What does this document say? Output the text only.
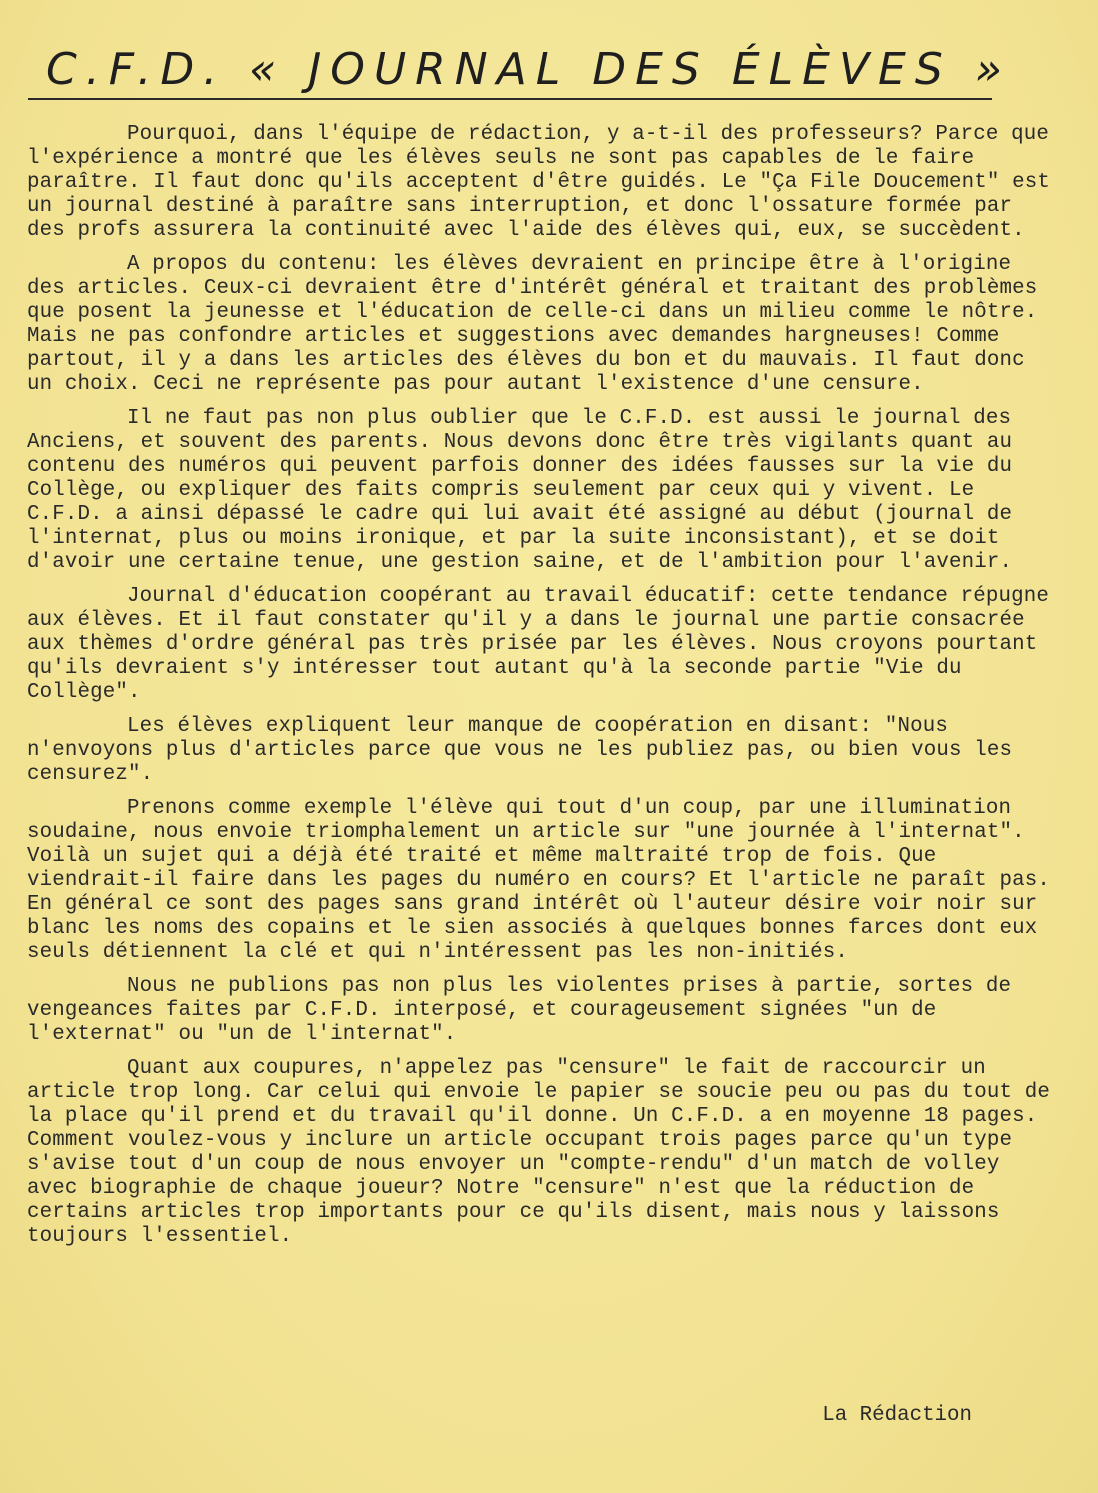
C.F.D. « JOURNAL DES ÉLÈVES »

Pourquoi, dans l'équipe de rédaction, y a-t-il des professeurs? Parce que l'expérience a montré que les élèves seuls ne sont pas capables de le faire paraître. Il faut donc qu'ils acceptent d'être guidés. Le "Ça File Doucement" est un journal destiné à paraître sans interruption, et donc l'ossature formée par des profs assurera la continuité avec l'aide des élèves qui, eux, se succèdent.

A propos du contenu: les élèves devraient en principe être à l'origine des articles. Ceux-ci devraient être d'intérêt général et traitant des problèmes que posent la jeunesse et l'éducation de celle-ci dans un milieu comme le nôtre. Mais ne pas confondre articles et suggestions avec demandes hargneuses! Comme partout, il y a dans les articles des élèves du bon et du mauvais. Il faut donc un choix. Ceci ne représente pas pour autant l'existence d'une censure.

Il ne faut pas non plus oublier que le C.F.D. est aussi le journal des Anciens, et souvent des parents. Nous devons donc être très vigilants quant au contenu des numéros qui peuvent parfois donner des idées fausses sur la vie du Collège, ou expliquer des faits compris seulement par ceux qui y vivent. Le C.F.D. a ainsi dépassé le cadre qui lui avait été assigné au début (journal de l'internat, plus ou moins ironique, et par la suite inconsistant), et se doit d'avoir une certaine tenue, une gestion saine, et de l'ambition pour l'avenir.

Journal d'éducation coopérant au travail éducatif: cette tendance répugne aux élèves. Et il faut constater qu'il y a dans le journal une partie consacrée aux thèmes d'ordre général pas très prisée par les élèves. Nous croyons pourtant qu'ils devraient s'y intéresser tout autant qu'à la seconde partie "Vie du Collège".

Les élèves expliquent leur manque de coopération en disant: "Nous n'envoyons plus d'articles parce que vous ne les publiez pas, ou bien vous les censurez".

Prenons comme exemple l'élève qui tout d'un coup, par une illumination soudaine, nous envoie triomphalement un article sur "une journée à l'internat". Voilà un sujet qui a déjà été traité et même maltraité trop de fois. Que viendrait-il faire dans les pages du numéro en cours? Et l'article ne paraît pas. En général ce sont des pages sans grand intérêt où l'auteur désire voir noir sur blanc les noms des copains et le sien associés à quelques bonnes farces dont eux seuls détiennent la clé et qui n'intéressent pas les non-initiés.

Nous ne publions pas non plus les violentes prises à partie, sortes de vengeances faites par C.F.D. interposé, et courageusement signées "un de l'externat" ou "un de l'internat".

Quant aux coupures, n'appelez pas "censure" le fait de raccourcir un article trop long. Car celui qui envoie le papier se soucie peu ou pas du tout de la place qu'il prend et du travail qu'il donne. Un C.F.D. a en moyenne 18 pages. Comment voulez-vous y inclure un article occupant trois pages parce qu'un type s'avise tout d'un coup de nous envoyer un "compte-rendu" d'un match de volley avec biographie de chaque joueur? Notre "censure" n'est que la réduction de certains articles trop importants pour ce qu'ils disent, mais nous y laissons toujours l'essentiel.

La Rédaction
